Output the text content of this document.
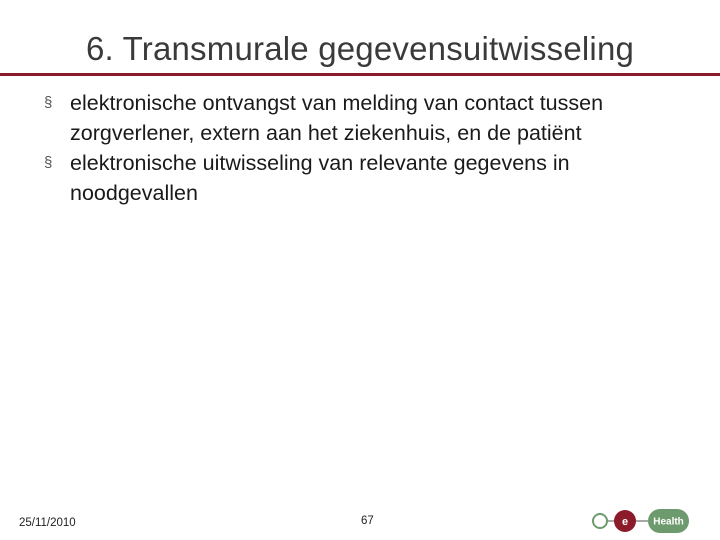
6. Transmurale gegevensuitwisseling
§ elektronische ontvangst van melding van contact tussen zorgverlener, extern aan het ziekenhuis, en de patiënt
§ elektronische uitwisseling van relevante gegevens in noodgevallen
25/11/2010	67	e	Health
